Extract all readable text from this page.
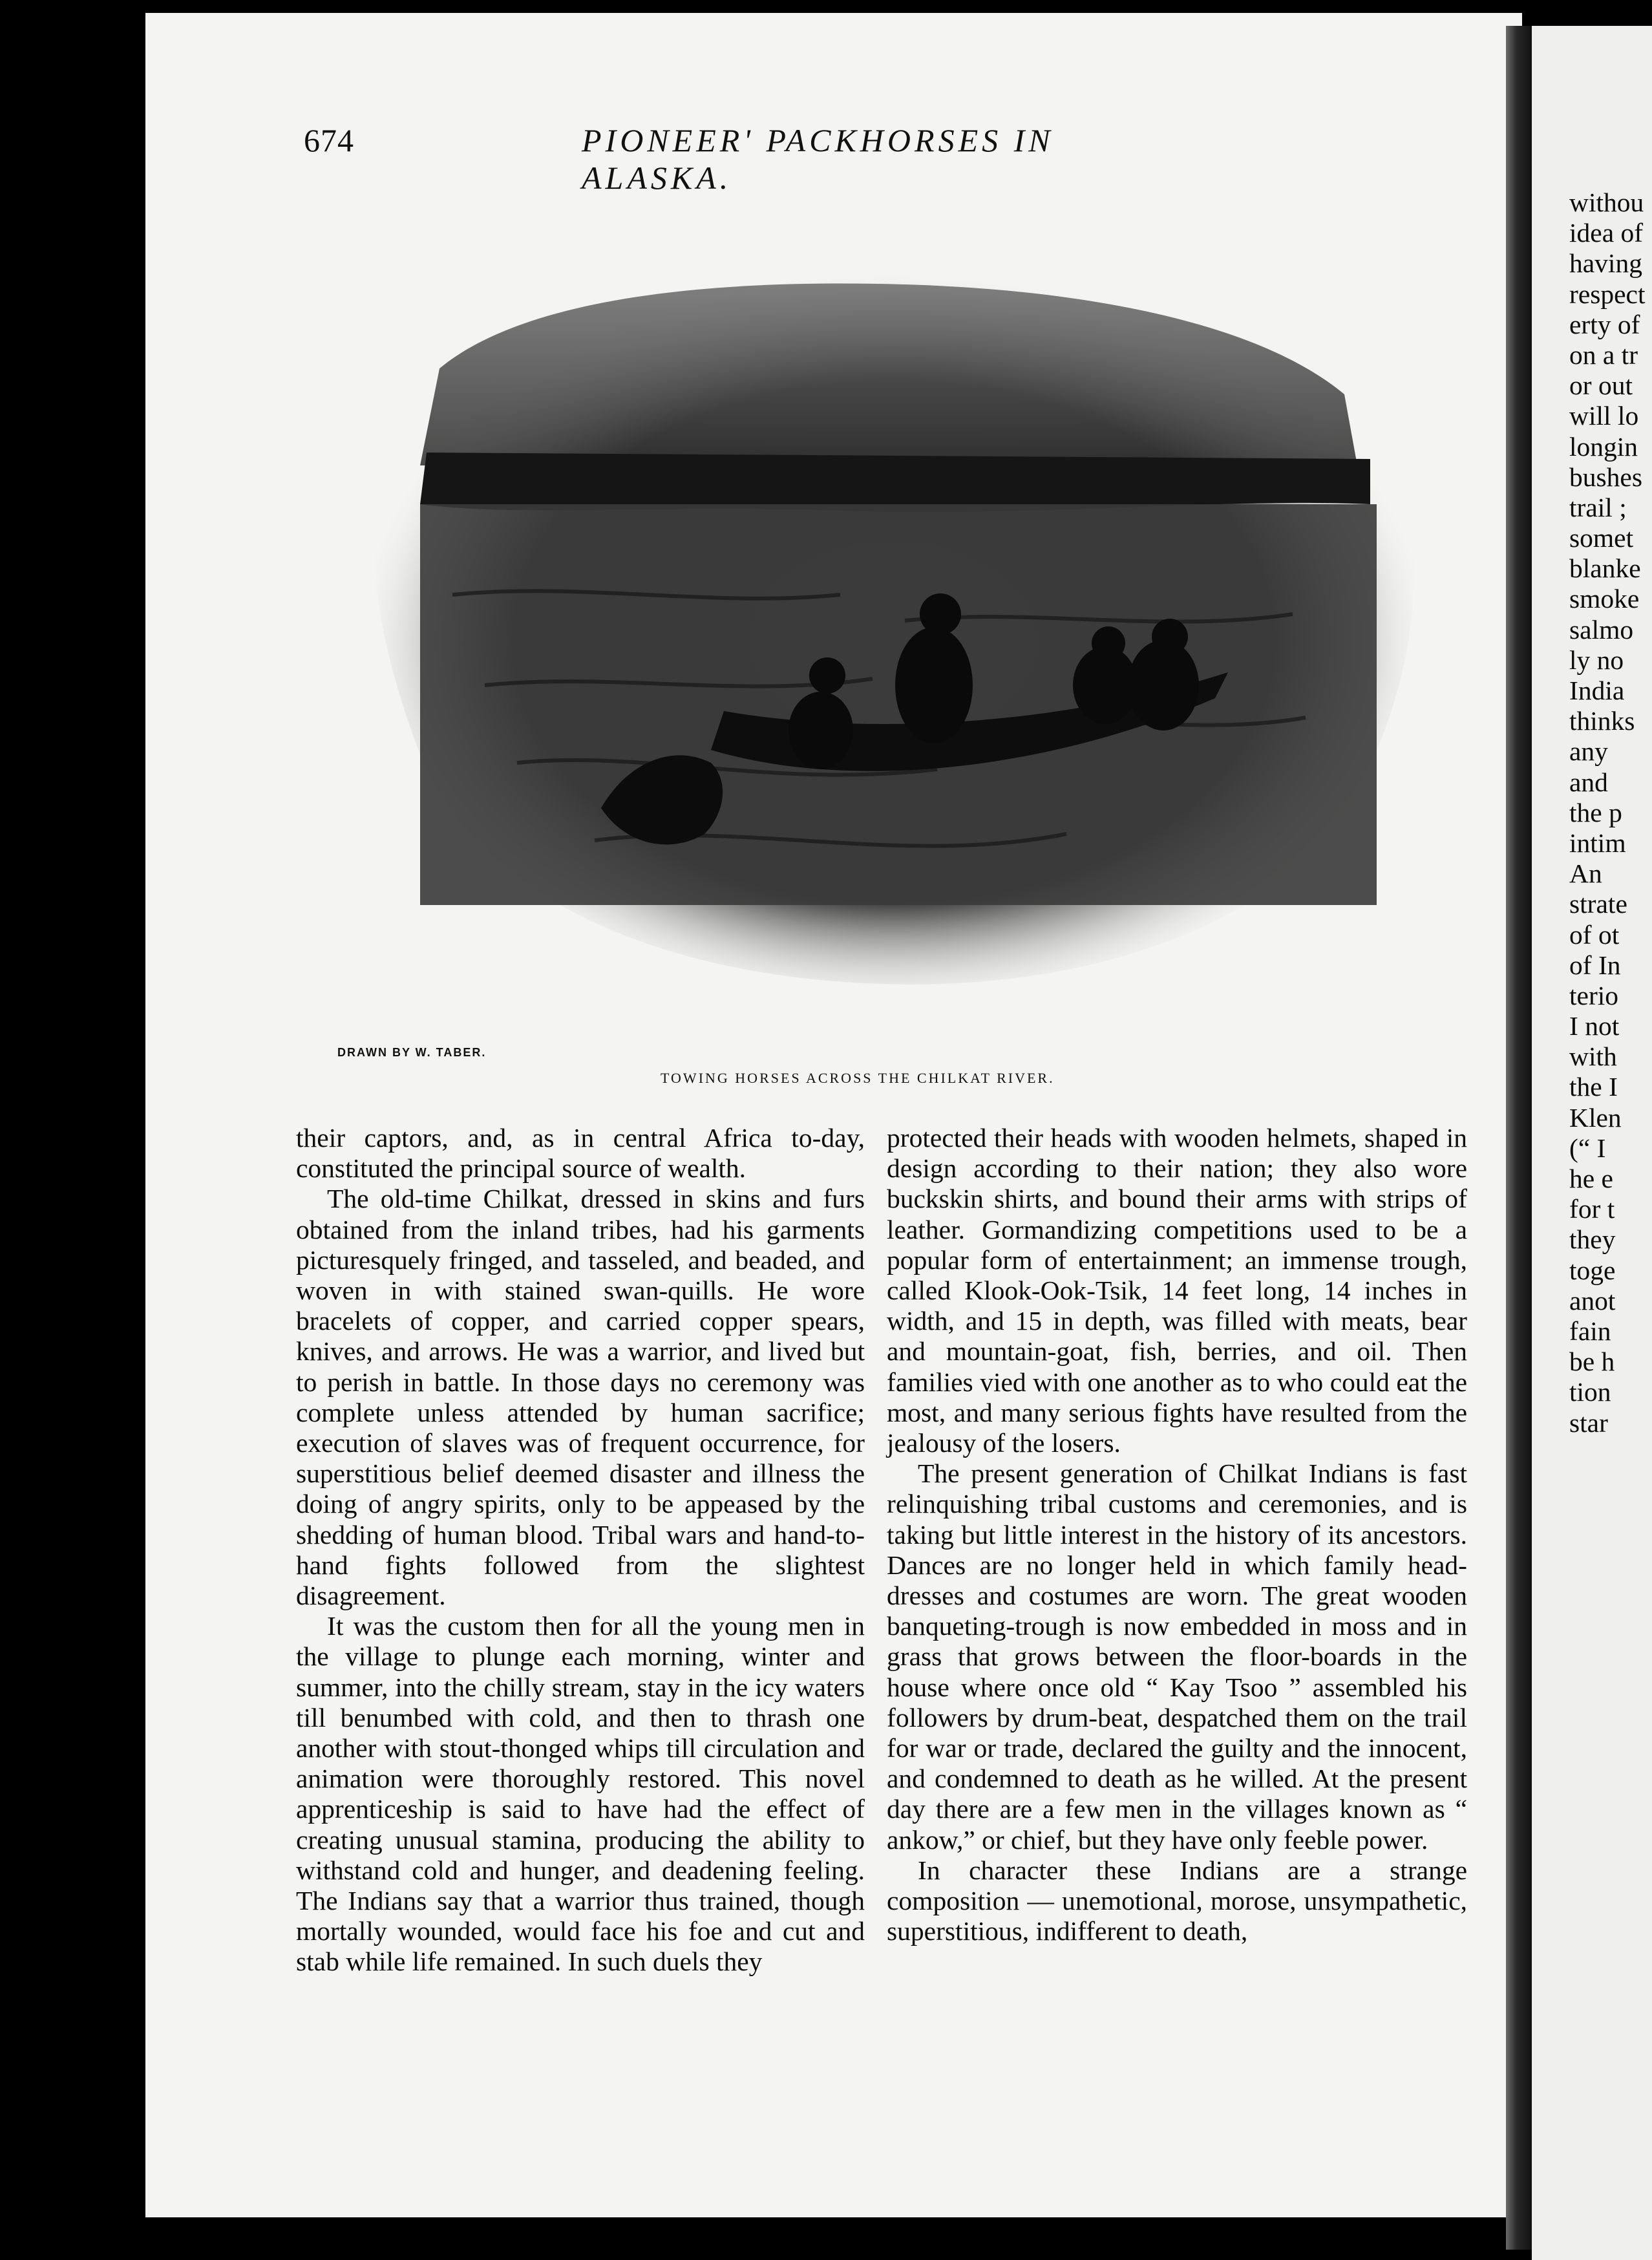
674	PIONEER' PACKHORSES IN ALASKA.
DRAWN BY W. TABER.
TOWING HORSES ACROSS THE CHILKAT RIVER.

their captors, and, as in central Africa to-day, constituted the principal source of wealth.

The old-time Chilkat, dressed in skins and furs obtained from the inland tribes, had his garments picturesquely fringed, and tasseled, and beaded, and woven in with stained swan-quills. He wore bracelets of copper, and carried copper spears, knives, and arrows. He was a warrior, and lived but to perish in battle. In those days no ceremony was complete unless attended by human sacrifice; execution of slaves was of frequent occurrence, for superstitious belief deemed disaster and illness the doing of angry spirits, only to be appeased by the shedding of human blood. Tribal wars and hand-to-hand fights followed from the slightest disagreement.

It was the custom then for all the young men in the village to plunge each morning, winter and summer, into the chilly stream, stay in the icy waters till benumbed with cold, and then to thrash one another with stout-thonged whips till circulation and animation were thoroughly restored. This novel apprenticeship is said to have had the effect of creating unusual stamina, producing the ability to withstand cold and hunger, and deadening feeling. The Indians say that a warrior thus trained, though mortally wounded, would face his foe and cut and stab while life remained. In such duels they

protected their heads with wooden helmets, shaped in design according to their nation; they also wore buckskin shirts, and bound their arms with strips of leather. Gormandizing competitions used to be a popular form of entertainment; an immense trough, called Klook-Ook-Tsik, 14 feet long, 14 inches in width, and 15 in depth, was filled with meats, bear and mountain-goat, fish, berries, and oil. Then families vied with one another as to who could eat the most, and many serious fights have resulted from the jealousy of the losers.

The present generation of Chilkat Indians is fast relinquishing tribal customs and ceremonies, and is taking but little interest in the history of its ancestors. Dances are no longer held in which family head-dresses and costumes are worn. The great wooden banqueting-trough is now embedded in moss and in grass that grows between the floor-boards in the house where once old “ Kay Tsoo ” assembled his followers by drum-beat, despatched them on the trail for war or trade, declared the guilty and the innocent, and condemned to death as he willed. At the present day there are a few men in the villages known as “ ankow,” or chief, but they have only feeble power.

In character these Indians are a strange composition — unemotional, morose, unsympathetic, superstitious, indifferent to death,

withou
idea of
having
respect
erty of
on a tr
or out
will lo
longin
bushes
trail ;
somet
blanke
smoke
salmo
ly no
India
thinks
any
and
the p
intim
An
strate
of ot
of In
terio
I not
with
the I
Klen
(“ I
he e
for t
they
toge
anot
fain
be h
tion
star
